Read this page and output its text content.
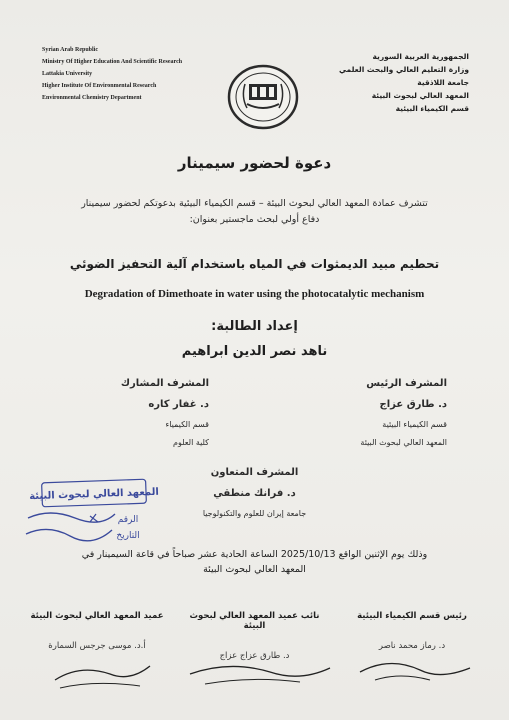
Syrian Arab Republic
Ministry Of Higher Education And Scientific Research
Lattakia University
Higher Institute Of Environmental Research
Environmental Chemistry Department
الجمهورية العربية السورية
وزارة التعليم العالي والبحث العلمي
جامعة اللاذقية
المعهد العالي لبحوث البيئة
قسم الكيمياء البيئية
دعوة لحضور سيمينار
تتشرف عمادة المعهد العالي لبحوث البيئة – قسم الكيمياء البيئية بدعوتكم لحضور سيمينار
دفاع أولي لبحث ماجستير بعنوان:
تحطيم مبيد الديمثوات في المياه باستخدام آلية التحفيز الضوئي
Degradation of Dimethoate in water using the photocatalytic mechanism
إعداد الطالبة:
ناهد نصر الدين ابراهيم
المشرف الرئيس
د. طارق عزاج
قسم الكيمياء البيئية
المعهد العالي لبحوث البيئة
المشرف المشارك
د. غفار كاره
قسم الكيمياء
كلية العلوم
المشرف المتعاون
د. فرانك منطقي
جامعة إيران للعلوم والتكنولوجيا
المعهد العالي لبحوث البيئة
الرقم
التاريخ
وذلك يوم الإثنين الواقع 2025/10/13 الساعة الحادية عشر صباحاً في قاعة السيمينار في
المعهد العالي لبحوث البيئة
رئيس قسم الكيمياء البيئية
د. رماز محمد ناصر
نائب عميد المعهد العالي لبحوث البيئة
د. طارق عزاج عزاج
عميد المعهد العالي لبحوث البيئة
أ.د. موسى جرجس السمارة
